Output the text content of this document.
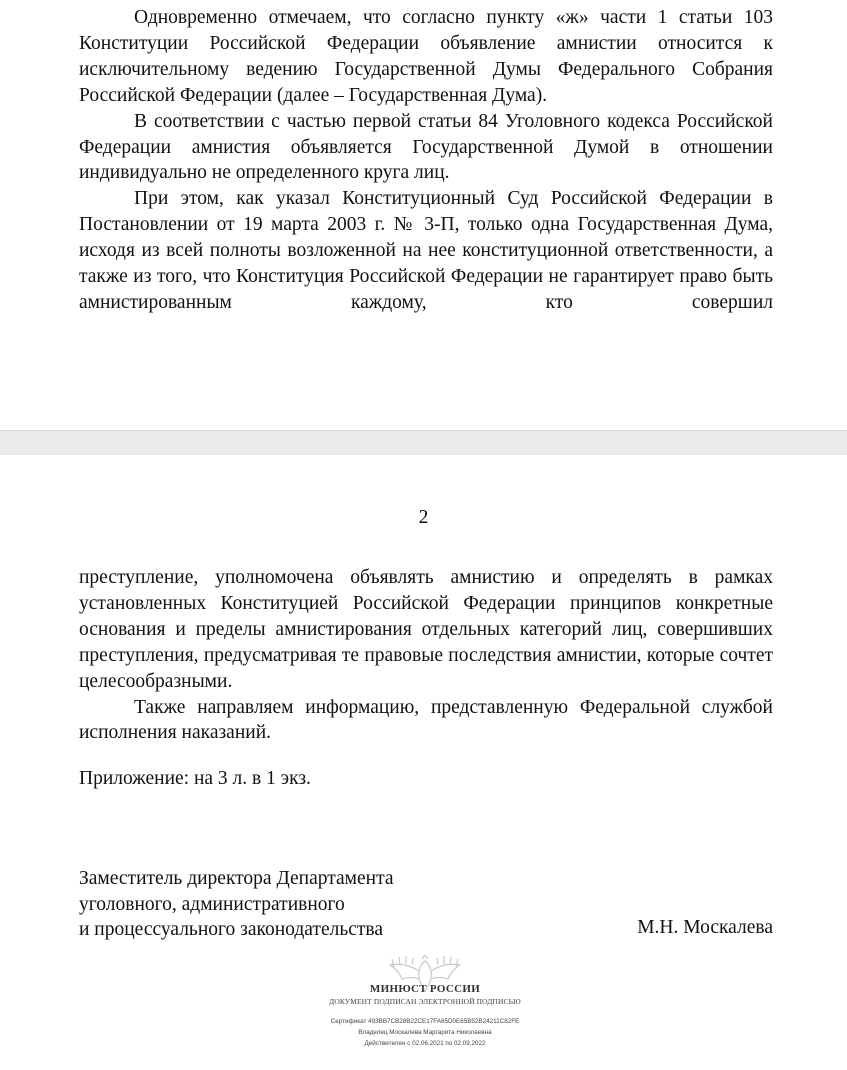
Одновременно отмечаем, что согласно пункту «ж» части 1 статьи 103 Конституции Российской Федерации объявление амнистии относится к исключительному ведению Государственной Думы Федерального Собрания Российской Федерации (далее – Государственная Дума).

В соответствии с частью первой статьи 84 Уголовного кодекса Российской Федерации амнистия объявляется Государственной Думой в отношении индивидуально не определенного круга лиц.

При этом, как указал Конституционный Суд Российской Федерации в Постановлении от 19 марта 2003 г. № 3-П, только одна Государственная Дума, исходя из всей полноты возложенной на нее конституционной ответственности, а также из того, что Конституция Российской Федерации не гарантирует право быть амнистированным каждому, кто совершил

2

преступление, уполномочена объявлять амнистию и определять в рамках установленных Конституцией Российской Федерации принципов конкретные основания и пределы амнистирования отдельных категорий лиц, совершивших преступления, предусматривая те правовые последствия амнистии, которые сочтет целесообразными.

Также направляем информацию, представленную Федеральной службой исполнения наказаний.

Приложение: на 3 л. в 1 экз.
Заместитель директора Департамента
уголовного, административного
и процессуального законодательства	М.Н. Москалева
МИНЮСТ РОССИИ
ДОКУМЕНТ ПОДПИСАН ЭЛЕКТРОННОЙ ПОДПИСЬЮ
Сертификат 493BB7CB28B22CE17FA65D0E65B52B24211C82FE
Владелец Москалева Маргарита Николаевна
Действителен с 02.06.2021 по 02.09.2022
